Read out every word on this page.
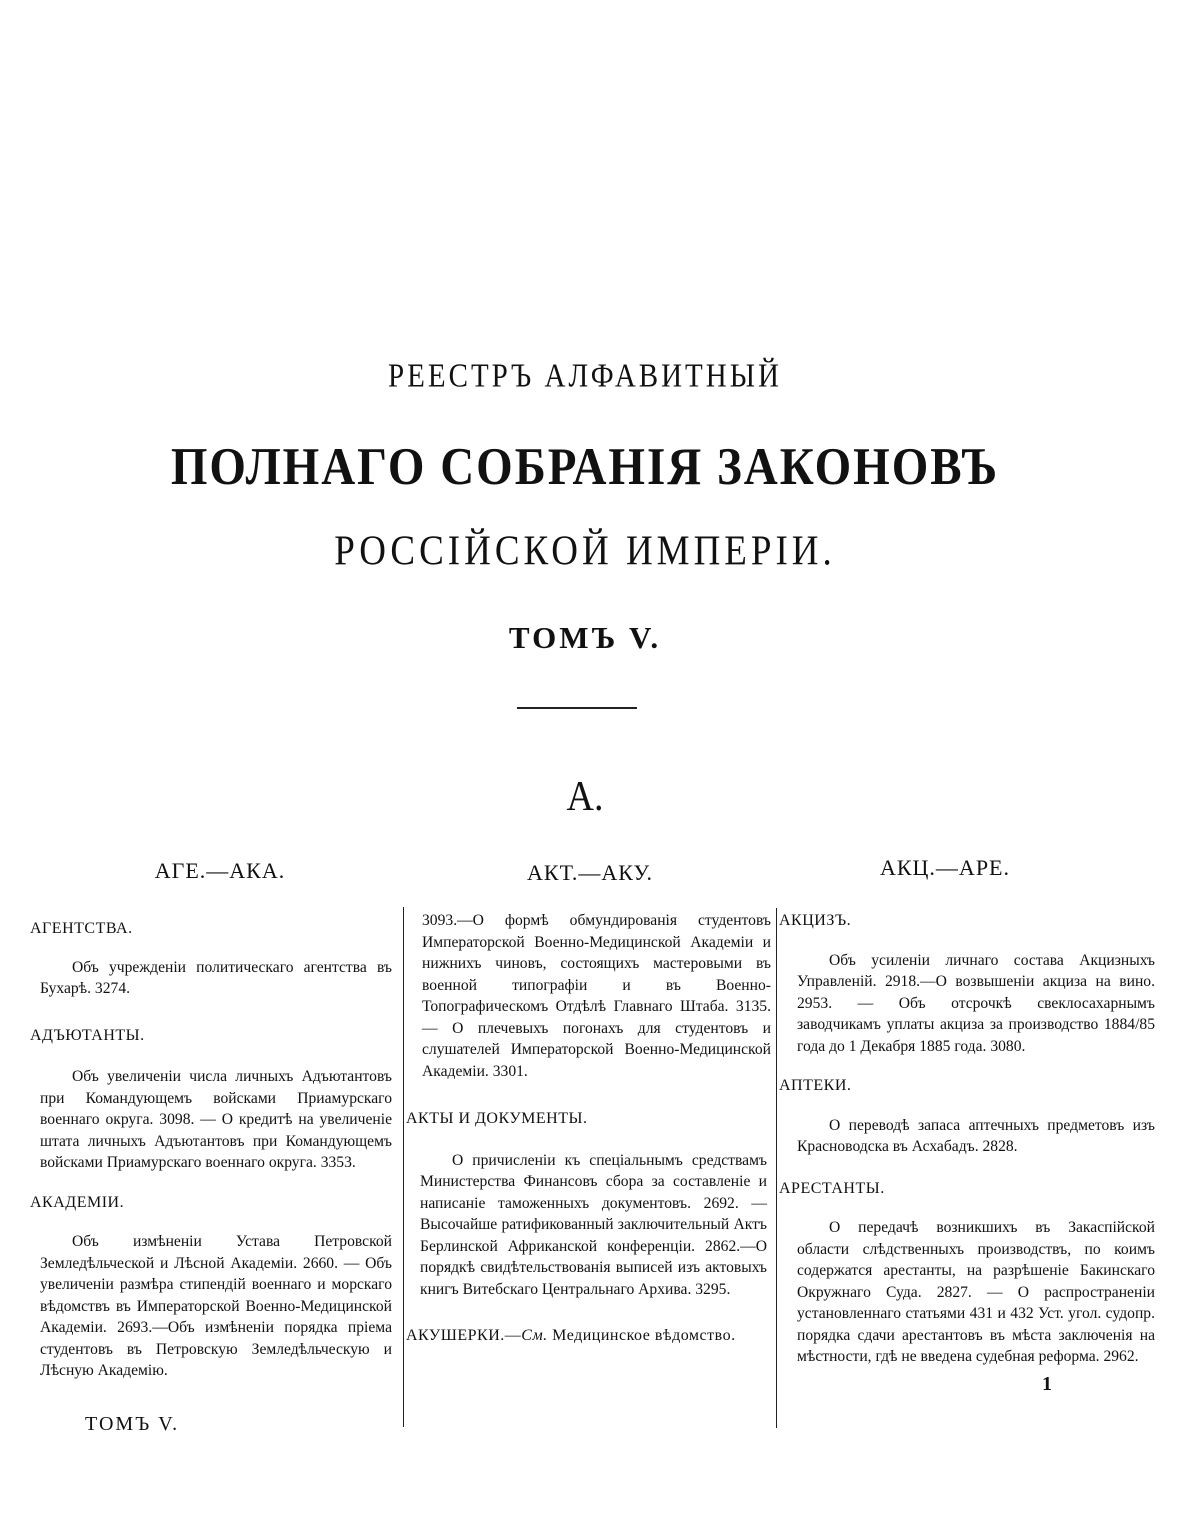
РЕЕСТРЪ АЛФАВИТНЫЙ
ПОЛНАГО СОБРАНІЯ ЗАКОНОВЪ
РОССІЙСКОЙ ИМПЕРІИ.
ТОМЪ V.
А.
АГЕ.—АКА.	АКТ.—АКУ.	АКЦ.—АРЕ.

АГЕНТСТВА.

Объ учрежденіи политическаго агентства въ Бухарѣ. 3274.

АДЪЮТАНТЫ.

Объ увеличеніи числа личныхъ Адъютантовъ при Командующемъ войсками Приамурскаго военнаго округа. 3098. — О кредитѣ на увеличеніе штата личныхъ Адъютантовъ при Командующемъ войсками Приамурскаго военнаго округа. 3353.

АКАДЕМІИ.

Объ измѣненіи Устава Петровской Земледѣльческой и Лѣсной Академіи. 2660. — Объ увеличеніи размѣра стипендій военнаго и морскаго вѣдомствъ въ Императорской Военно-Медицинской Академіи. 2693.—Объ измѣненіи порядка пріема студентовъ въ Петровскую Земледѣльческую и Лѣсную Академію.

3093.—О формѣ обмундированія студентовъ Императорской Военно-Медицинской Академіи и нижнихъ чиновъ, состоящихъ мастеровыми въ военной типографіи и въ Военно-Топографическомъ Отдѣлѣ Главнаго Штаба. 3135. — О плечевыхъ погонахъ для студентовъ и слушателей Императорской Военно-Медицинской Академіи. 3301.

АКТЫ И ДОКУМЕНТЫ.

О причисленіи къ спеціальнымъ средствамъ Министерства Финансовъ сбора за составленіе и написаніе таможенныхъ документовъ. 2692. — Высочайше ратификованный заключительный Актъ Берлинской Африканской конференціи. 2862.—О порядкѣ свидѣтельствованія выписей изъ актовыхъ книгъ Витебскаго Центральнаго Архива. 3295.

АКУШЕРКИ.—См. Медицинское вѣдомство.

АКЦИЗЪ.

Объ усиленіи личнаго состава Акцизныхъ Управленій. 2918.—О возвышеніи акциза на вино. 2953. — Объ отсрочкѣ свеклосахарнымъ заводчикамъ уплаты акциза за производство 1884/85 года до 1 Декабря 1885 года. 3080.

АПТЕКИ.

О переводѣ запаса аптечныхъ предметовъ изъ Красноводска въ Асхабадъ. 2828.

АРЕСТАНТЫ.

О передачѣ возникшихъ въ Закаспійской области слѣдственныхъ производствъ, по коимъ содержатся арестанты, на разрѣшеніе Бакинскаго Окружнаго Суда. 2827. — О распространеніи установленнаго статьями 431 и 432 Уст. угол. судопр. порядка сдачи арестантовъ въ мѣста заключенія на мѣстности, гдѣ не введена судебная реформа. 2962.

ТОМЪ V.
1
